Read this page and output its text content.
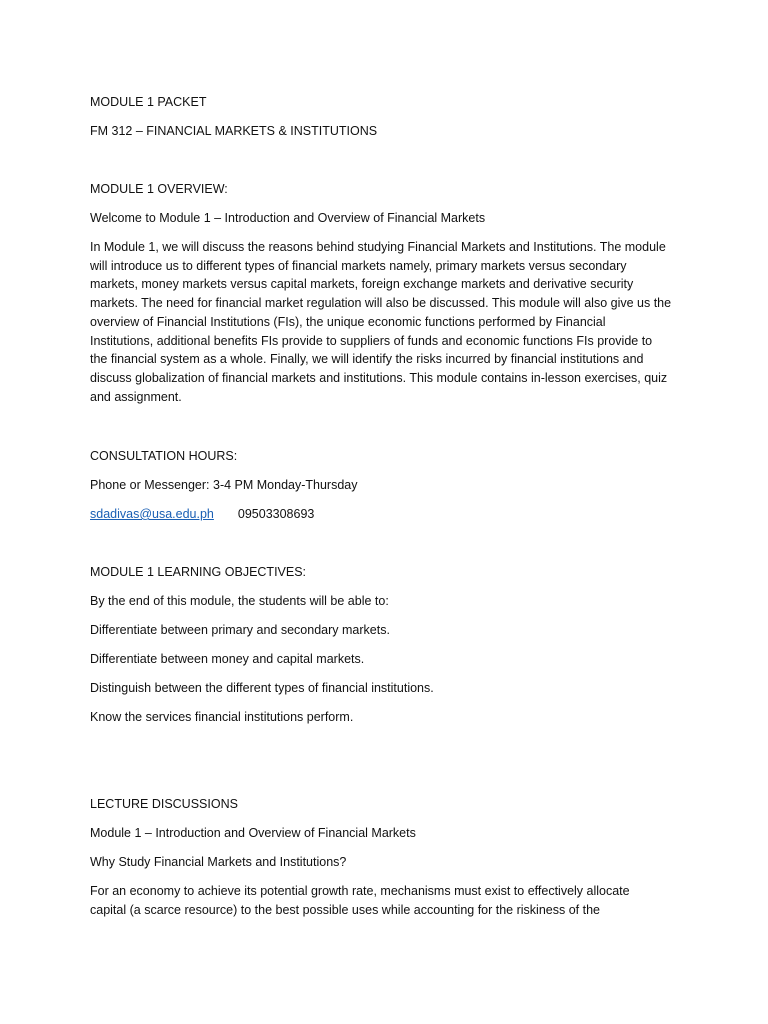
MODULE 1 PACKET
FM 312 – FINANCIAL MARKETS & INSTITUTIONS
MODULE 1 OVERVIEW:
Welcome to Module 1 – Introduction and Overview of Financial Markets
In Module 1, we will discuss the reasons behind studying Financial Markets and Institutions. The module
will introduce us to different types of financial markets namely, primary markets versus secondary
markets, money markets versus capital markets, foreign exchange markets and derivative security
markets. The need for financial market regulation will also be discussed. This module will also give us the
overview of Financial Institutions (FIs), the unique economic functions performed by Financial
Institutions, additional benefits FIs provide to suppliers of funds and economic functions FIs provide to
the financial system as a whole. Finally, we will identify the risks incurred by financial institutions and
discuss globalization of financial markets and institutions. This module contains in-lesson exercises, quiz
and assignment.
CONSULTATION HOURS:
Phone or Messenger: 3-4 PM Monday-Thursday
sdadivas@usa.edu.ph 09503308693
MODULE 1 LEARNING OBJECTIVES:
By the end of this module, the students will be able to:
Differentiate between primary and secondary markets.
Differentiate between money and capital markets.
Distinguish between the different types of financial institutions.
Know the services financial institutions perform.
LECTURE DISCUSSIONS
Module 1 – Introduction and Overview of Financial Markets
Why Study Financial Markets and Institutions?
For an economy to achieve its potential growth rate, mechanisms must exist to effectively allocate
capital (a scarce resource) to the best possible uses while accounting for the riskiness of the
